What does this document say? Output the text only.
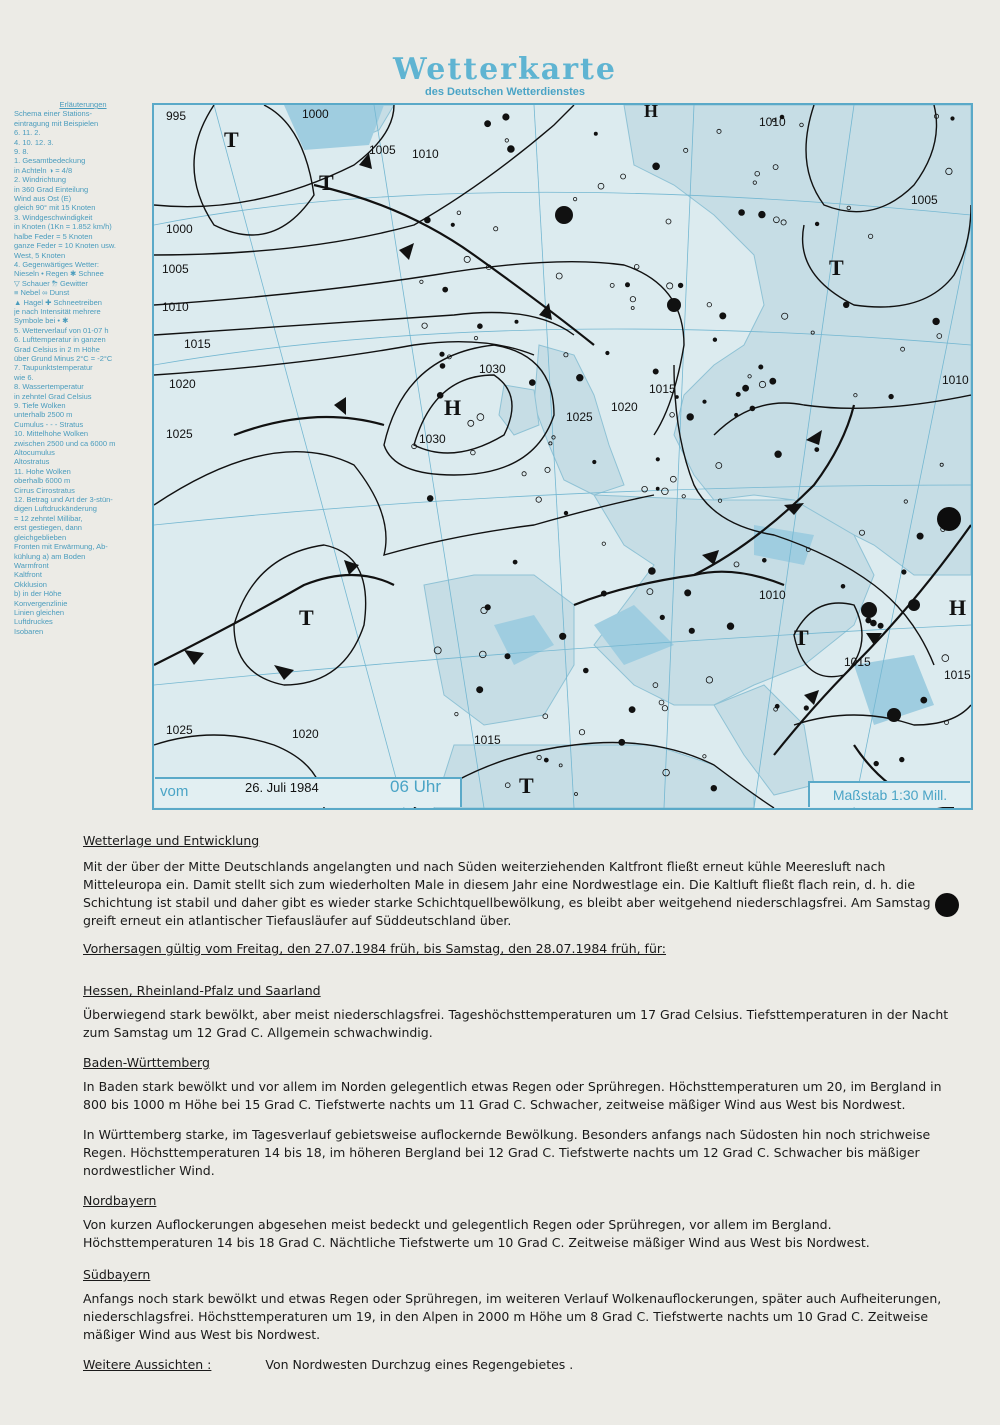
Wetterkarte
des Deutschen Wetterdienstes
Erläuterungen
Schema einer Stations-
eintragung mit Beispielen
6. 11. 2.
4. 10. 12. 3.
9. 8.
1. Gesamtbedeckung
in Achteln ◑ = 4/8
2. Windrichtung
in 360 Grad Einteilung
Wind aus Ost (E)
gleich 90° mit 15 Knoten
3. Windgeschwindigkeit
in Knoten (1Kn = 1.852 km/h)
halbe Feder = 5 Knoten
ganze Feder = 10 Knoten usw.
West, 5 Knoten
4. Gegenwärtiges Wetter:
Nieseln • Regen ✱ Schnee
▽ Schauer ⛈ Gewitter
≡ Nebel ∞ Dunst
▲ Hagel ✚ Schneetreiben
je nach Intensität mehrere
Symbole bei • ✱
5. Wetterverlauf von 01-07 h
6. Lufttemperatur in ganzen
Grad Celsius in 2 m Höhe
über Grund Minus 2°C = -2°C
7. Taupunktstemperatur
wie 6.
8. Wassertemperatur
in zehntel Grad Celsius
9. Tiefe Wolken
unterhalb 2500 m
Cumulus - - - Stratus
10. Mittelhohe Wolken
zwischen 2500 und ca 6000 m
Altocumulus
Altostratus
11. Hohe Wolken
oberhalb 6000 m
Cirrus Cirrostratus
12. Betrag und Art der 3-stün-
digen Luftdruckänderung
= 12 zehntel Millibar,
erst gestiegen, dann
gleichgeblieben
Fronten mit Erwärmung, Ab-
kühlung a) am Boden
Warmfront
Kaltfront
Okklusion
b) in der Höhe
Konvergenzlinie
Linien gleichen
Luftdruckes
Isobaren
T
T
H
T
T
T
H
T
H
995	1000
1005 1010
1015
1020
1025
1000
1005
1010
1030
1030
1025
1020
1015
1010
1005
1010
1010
1015
1015
1025	1020	1015
vom	26. Juli 1984	06 Uhr	Maßstab 1:30 Mill.

Wetterlage und Entwicklung

Mit der über der Mitte Deutschlands angelangten und nach Süden weiterziehenden Kaltfront fließt erneut kühle Meeresluft nach Mitteleuropa ein. Damit stellt sich zum wiederholten Male in diesem Jahr eine Nordwestlage ein. Die Kaltluft fließt flach rein, d. h. die Schichtung ist stabil und daher gibt es wieder starke Schichtquellbewölkung, es bleibt aber weitgehend niederschlagsfrei. Am Samstag greift erneut ein atlantischer Tiefausläufer auf Süddeutschland über.

Vorhersagen gültig vom Freitag, den 27.07.1984 früh, bis Samstag, den 28.07.1984 früh, für:

Hessen, Rheinland-Pfalz und Saarland

Überwiegend stark bewölkt, aber meist niederschlagsfrei. Tageshöchsttemperaturen um 17 Grad Celsius. Tiefsttemperaturen in der Nacht zum Samstag um 12 Grad C. Allgemein schwachwindig.

Baden-Württemberg

In Baden stark bewölkt und vor allem im Norden gelegentlich etwas Regen oder Sprühregen. Höchsttemperaturen um 20, im Bergland in 800 bis 1000 m Höhe bei 15 Grad C. Tiefstwerte nachts um 11 Grad C. Schwacher, zeitweise mäßiger Wind aus West bis Nordwest.

In Württemberg starke, im Tagesverlauf gebietsweise auflockernde Bewölkung. Besonders anfangs nach Südosten hin noch strichweise Regen. Höchsttemperaturen 14 bis 18, im höheren Bergland bei 12 Grad C. Tiefstwerte nachts um 12 Grad C. Schwacher bis mäßiger nordwestlicher Wind.

Nordbayern

Von kurzen Auflockerungen abgesehen meist bedeckt und gelegentlich Regen oder Sprühregen, vor allem im Bergland. Höchsttemperaturen 14 bis 18 Grad C. Nächtliche Tiefstwerte um 10 Grad C. Zeitweise mäßiger Wind aus West bis Nordwest.

Südbayern

Anfangs noch stark bewölkt und etwas Regen oder Sprühregen, im weiteren Verlauf Wolkenauflockerungen, später auch Aufheiterungen, niederschlagsfrei. Höchsttemperaturen um 19, in den Alpen in 2000 m Höhe um 8 Grad C. Tiefstwerte nachts um 10 Grad C. Zeitweise mäßiger Wind aus West bis Nordwest.

Weitere Aussichten :	Von Nordwesten Durchzug eines Regengebietes .
